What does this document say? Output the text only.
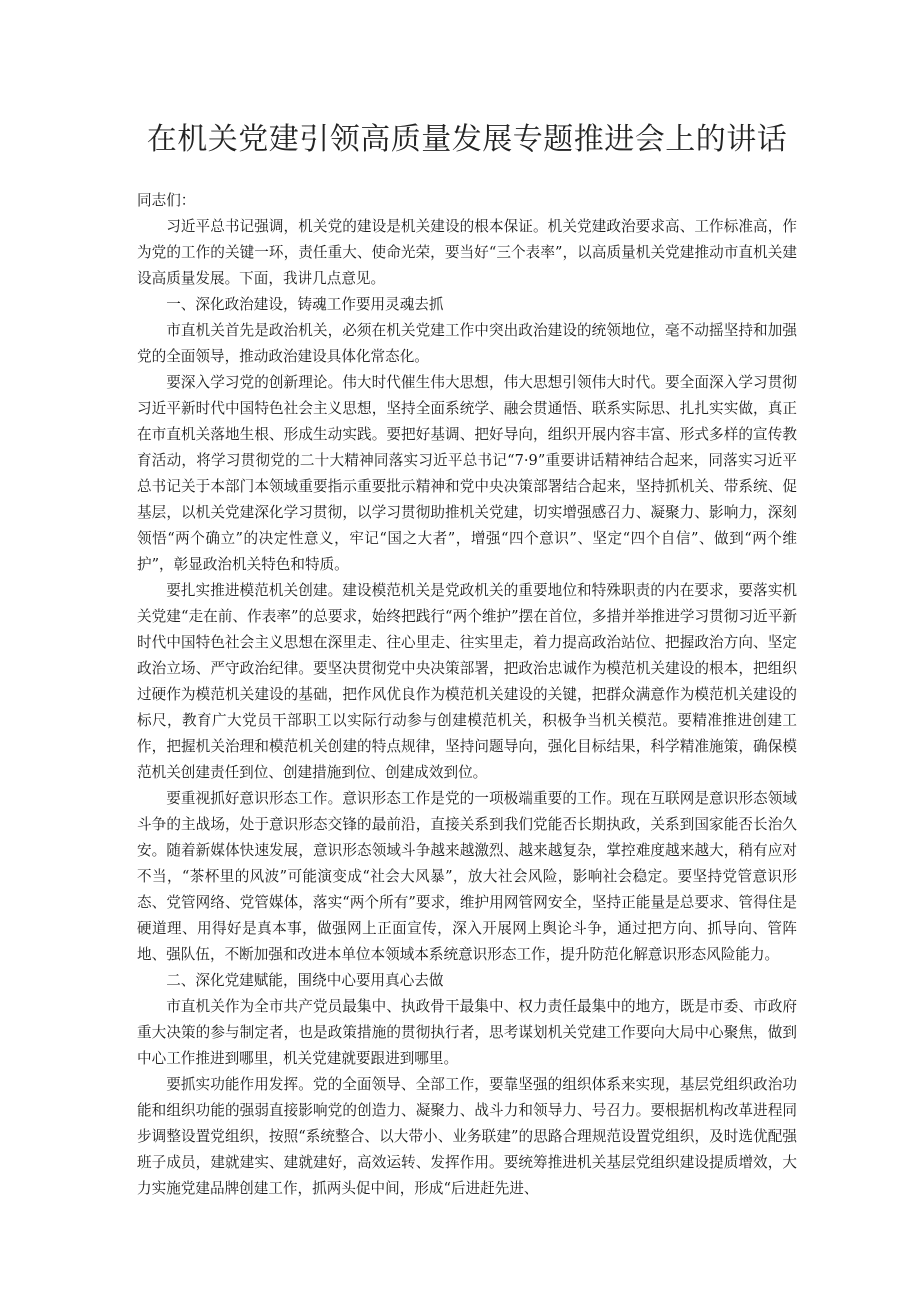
在机关党建引领高质量发展专题推进会上的讲话

同志们：

习近平总书记强调，机关党的建设是机关建设的根本保证。机关党建政治要求高、工作标准高，作为党的工作的关键一环，责任重大、使命光荣，要当好“三个表率”，以高质量机关党建推动市直机关建设高质量发展。下面，我讲几点意见。

一、深化政治建设，铸魂工作要用灵魂去抓

市直机关首先是政治机关，必须在机关党建工作中突出政治建设的统领地位，毫不动摇坚持和加强党的全面领导，推动政治建设具体化常态化。

要深入学习党的创新理论。伟大时代催生伟大思想，伟大思想引领伟大时代。要全面深入学习贯彻习近平新时代中国特色社会主义思想，坚持全面系统学、融会贯通悟、联系实际思、扎扎实实做，真正在市直机关落地生根、形成生动实践。要把好基调、把好导向，组织开展内容丰富、形式多样的宣传教育活动，将学习贯彻党的二十大精神同落实习近平总书记“7·9”重要讲话精神结合起来，同落实习近平总书记关于本部门本领域重要指示重要批示精神和党中央决策部署结合起来，坚持抓机关、带系统、促基层，以机关党建深化学习贯彻，以学习贯彻助推机关党建，切实增强感召力、凝聚力、影响力，深刻领悟“两个确立”的决定性意义，牢记“国之大者”，增强“四个意识”、坚定“四个自信”、做到“两个维护”，彰显政治机关特色和特质。

要扎实推进模范机关创建。建设模范机关是党政机关的重要地位和特殊职责的内在要求，要落实机关党建“走在前、作表率”的总要求，始终把践行“两个维护”摆在首位，多措并举推进学习贯彻习近平新时代中国特色社会主义思想在深里走、往心里走、往实里走，着力提高政治站位、把握政治方向、坚定政治立场、严守政治纪律。要坚决贯彻党中央决策部署，把政治忠诚作为模范机关建设的根本，把组织过硬作为模范机关建设的基础，把作风优良作为模范机关建设的关键，把群众满意作为模范机关建设的标尺，教育广大党员干部职工以实际行动参与创建模范机关，积极争当机关模范。要精准推进创建工作，把握机关治理和模范机关创建的特点规律，坚持问题导向，强化目标结果，科学精准施策，确保模范机关创建责任到位、创建措施到位、创建成效到位。

要重视抓好意识形态工作。意识形态工作是党的一项极端重要的工作。现在互联网是意识形态领域斗争的主战场，处于意识形态交锋的最前沿，直接关系到我们党能否长期执政，关系到国家能否长治久安。随着新媒体快速发展，意识形态领域斗争越来越激烈、越来越复杂，掌控难度越来越大，稍有应对不当，“茶杯里的风波”可能演变成“社会大风暴”，放大社会风险，影响社会稳定。要坚持党管意识形态、党管网络、党管媒体，落实“两个所有”要求，维护用网管网安全，坚持正能量是总要求、管得住是硬道理、用得好是真本事，做强网上正面宣传，深入开展网上舆论斗争，通过把方向、抓导向、管阵地、强队伍，不断加强和改进本单位本领域本系统意识形态工作，提升防范化解意识形态风险能力。

二、深化党建赋能，围绕中心要用真心去做

市直机关作为全市共产党员最集中、执政骨干最集中、权力责任最集中的地方，既是市委、市政府重大决策的参与制定者，也是政策措施的贯彻执行者，思考谋划机关党建工作要向大局中心聚焦，做到中心工作推进到哪里，机关党建就要跟进到哪里。

要抓实功能作用发挥。党的全面领导、全部工作，要靠坚强的组织体系来实现，基层党组织政治功能和组织功能的强弱直接影响党的创造力、凝聚力、战斗力和领导力、号召力。要根据机构改革进程同步调整设置党组织，按照“系统整合、以大带小、业务联建”的思路合理规范设置党组织，及时选优配强班子成员，建就建实、建就建好，高效运转、发挥作用。要统筹推进机关基层党组织建设提质增效，大力实施党建品牌创建工作，抓两头促中间，形成“后进赶先进、
